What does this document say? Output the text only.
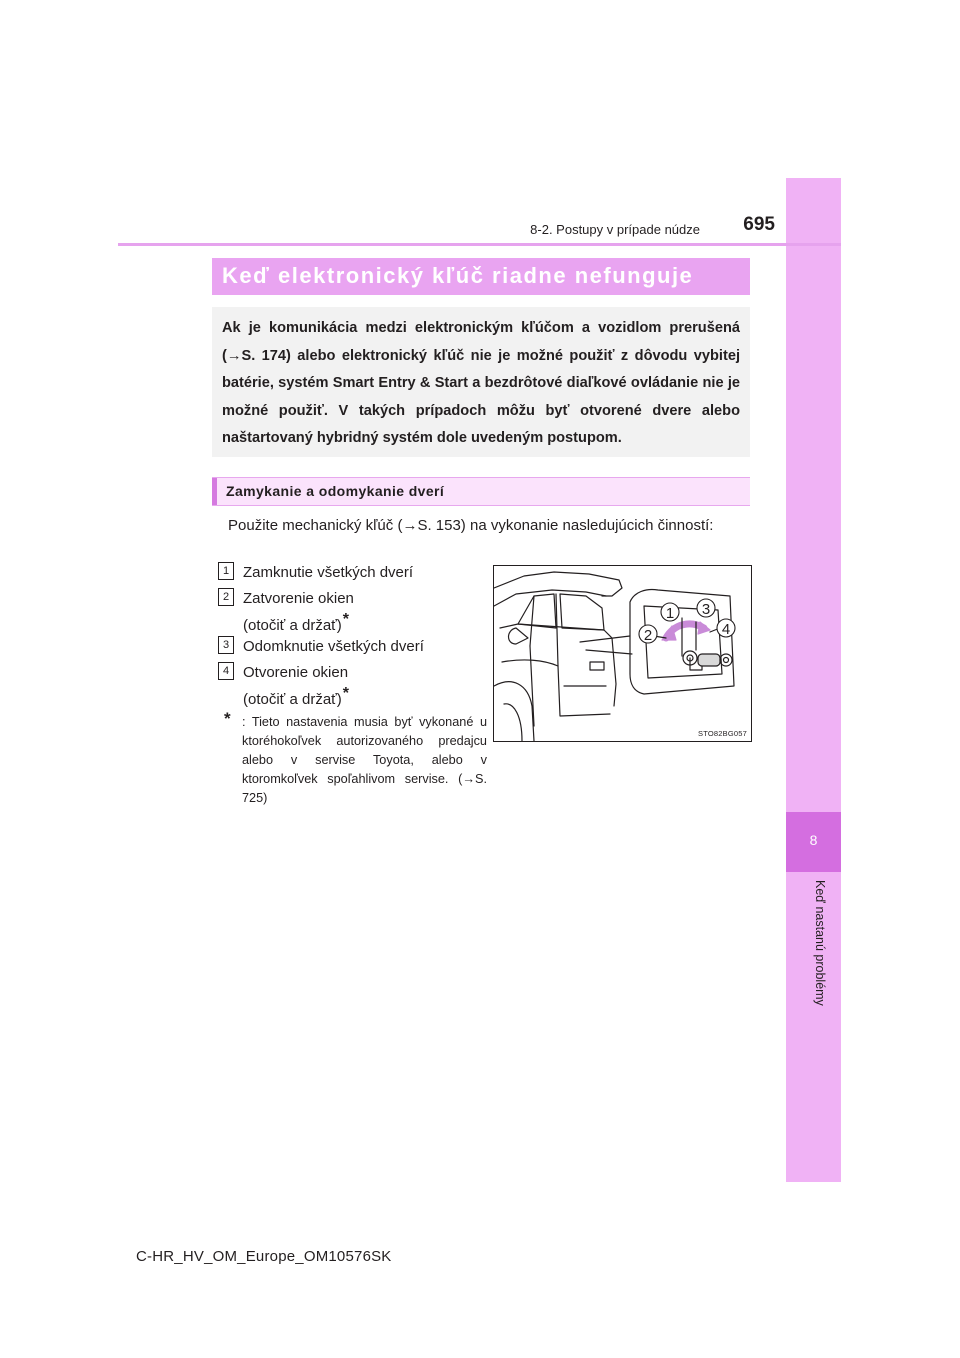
8
Keď nastanú problémy
8-2. Postupy v prípade núdze	695
Keď elektronický kľúč riadne nefunguje
Ak je komunikácia medzi elektronickým kľúčom a vozidlom prerušená (→S. 174) alebo elektronický kľúč nie je možné použiť z dôvodu vybitej batérie, systém Smart Entry & Start a bezdrôtové diaľkové ovládanie nie je možné použiť. V takých prípadoch môžu byť otvorené dvere alebo naštartovaný hybridný systém dole uvedeným postupom.
Zamykanie a odomykanie dverí
Použite mechanický kľúč (→S. 153) na vykonanie nasledujúcich činností:
1 Zamknutie všetkých dverí
2 Zatvorenie okien
(otočiť a držať)*
3 Odomknutie všetkých dverí
4 Otvorenie okien
(otočiť a držať)*
* : Tieto nastavenia musia byť vykonané u ktoréhokoľvek autorizovaného predajcu alebo v servise Toyota, alebo v ktoromkoľvek spoľahlivom servise. (→S. 725)
1
2
3
4
STO82BG057
C-HR_HV_OM_Europe_OM10576SK
